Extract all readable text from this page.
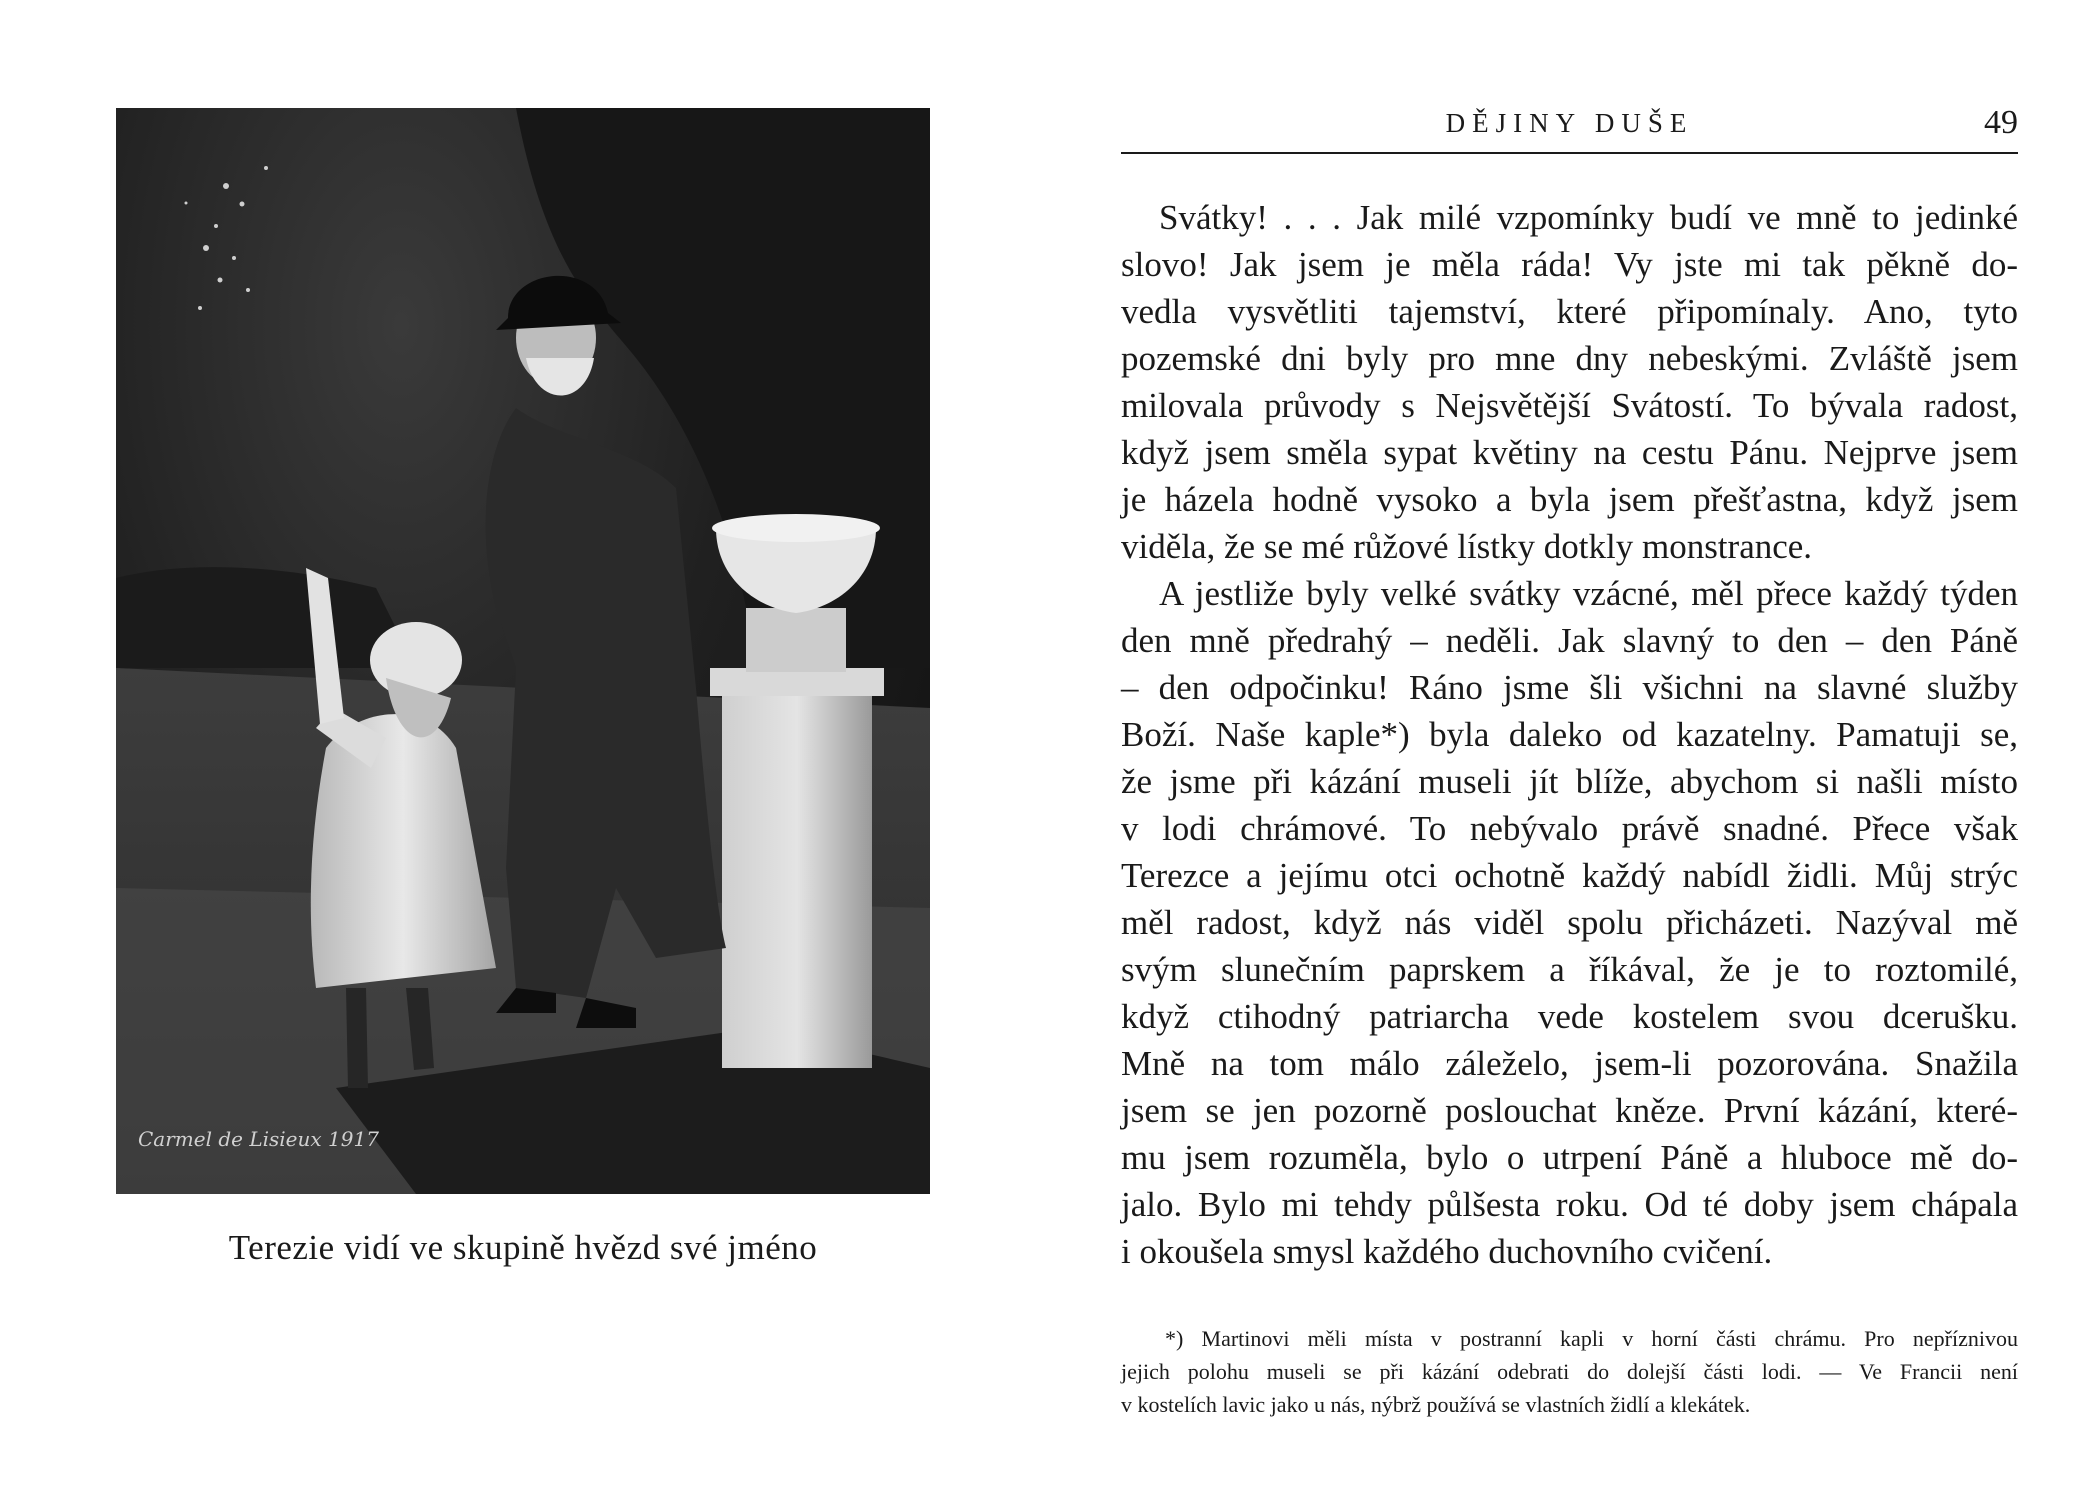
Carmel de Lisieux 1917
Terezie vidí ve skupině hvězd své jméno
DĚJINY DUŠE	49
Svátky! . . . Jak milé vzpomínky budí ve mně to jedinké
slovo! Jak jsem je měla ráda! Vy jste mi tak pěkně do-
vedla vysvětliti tajemství, které připomínaly. Ano, tyto
pozemské dni byly pro mne dny nebeskými. Zvláště jsem
milovala průvody s Nejsvětější Svátostí. To bývala radost,
když jsem směla sypat květiny na cestu Pánu. Nejprve jsem
je házela hodně vysoko a byla jsem přešťastna, když jsem
viděla, že se mé růžové lístky dotkly monstrance.
A jestliže byly velké svátky vzácné, měl přece každý týden
den mně předrahý – neděli. Jak slavný to den – den Páně
– den odpočinku! Ráno jsme šli všichni na slavné služby
Boží. Naše kaple*) byla daleko od kazatelny. Pamatuji se,
že jsme při kázání museli jít blíže, abychom si našli místo
v lodi chrámové. To nebývalo právě snadné. Přece však
Terezce a jejímu otci ochotně každý nabídl židli. Můj strýc
měl radost, když nás viděl spolu přicházeti. Nazýval mě
svým slunečním paprskem a říkával, že je to roztomilé,
když ctihodný patriarcha vede kostelem svou dcerušku.
Mně na tom málo záleželo, jsem-li pozorována. Snažila
jsem se jen pozorně poslouchat kněze. První kázání, které-
mu jsem rozuměla, bylo o utrpení Páně a hluboce mě do-
jalo. Bylo mi tehdy půlšesta roku. Od té doby jsem chápala
i okoušela smysl každého duchovního cvičení.
*) Martinovi měli místa v postranní kapli v horní části chrámu. Pro nepříznivou
jejich polohu museli se při kázání odebrati do dolejší části lodi. — Ve Francii není
v kostelích lavic jako u nás, nýbrž používá se vlastních židlí a klekátek.
